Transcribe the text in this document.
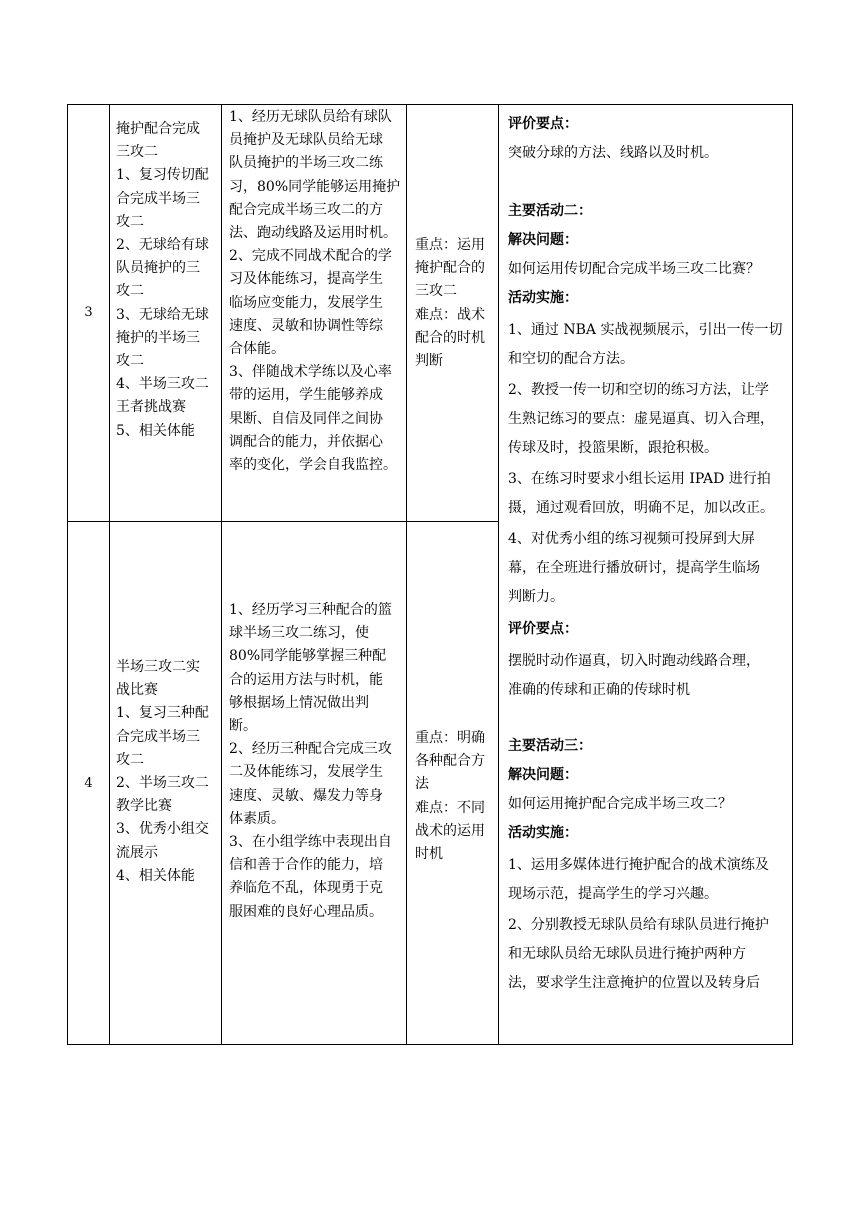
3
掩护配合完成
三攻二
1、复习传切配
合完成半场三
攻二
2、无球给有球
队员掩护的三
攻二
3、无球给无球
掩护的半场三
攻二
4、半场三攻二
王者挑战赛
5、相关体能
1、经历无球队员给有球队
员掩护及无球队员给无球
队员掩护的半场三攻二练
习，80%同学能够运用掩护
配合完成半场三攻二的方
法、跑动线路及运用时机。
2、完成不同战术配合的学
习及体能练习，提高学生
临场应变能力，发展学生
速度、灵敏和协调性等综
合体能。
3、伴随战术学练以及心率
带的运用，学生能够养成
果断、自信及同伴之间协
调配合的能力，并依据心
率的变化，学会自我监控。
重点：运用
掩护配合的
三攻二
难点：战术
配合的时机
判断
4
半场三攻二实
战比赛
1、复习三种配
合完成半场三
攻二
2、半场三攻二
教学比赛
3、优秀小组交
流展示
4、相关体能
1、经历学习三种配合的篮
球半场三攻二练习，使
80%同学能够掌握三种配
合的运用方法与时机，能
够根据场上情况做出判
断。
2、经历三种配合完成三攻
二及体能练习，发展学生
速度、灵敏、爆发力等身
体素质。
3、在小组学练中表现出自
信和善于合作的能力，培
养临危不乱，体现勇于克
服困难的良好心理品质。
重点：明确
各种配合方
法
难点：不同
战术的运用
时机

评价要点：

突破分球的方法、线路以及时机。

主要活动二：

解决问题：

如何运用传切配合完成半场三攻二比赛？

活动实施：

1、通过 NBA 实战视频展示，引出一传一切
和空切的配合方法。

2、教授一传一切和空切的练习方法，让学
生熟记练习的要点：虚晃逼真、切入合理，
传球及时，投篮果断，跟抢积极。

3、在练习时要求小组长运用 IPAD 进行拍
摄，通过观看回放，明确不足，加以改正。

4、对优秀小组的练习视频可投屏到大屏
幕，在全班进行播放研讨，提高学生临场
判断力。

评价要点：

摆脱时动作逼真，切入时跑动线路合理，
准确的传球和正确的传球时机

主要活动三：

解决问题：

如何运用掩护配合完成半场三攻二？

活动实施：

1、运用多媒体进行掩护配合的战术演练及
现场示范，提高学生的学习兴趣。

2、分别教授无球队员给有球队员进行掩护
和无球队员给无球队员进行掩护两种方
法，要求学生注意掩护的位置以及转身后
